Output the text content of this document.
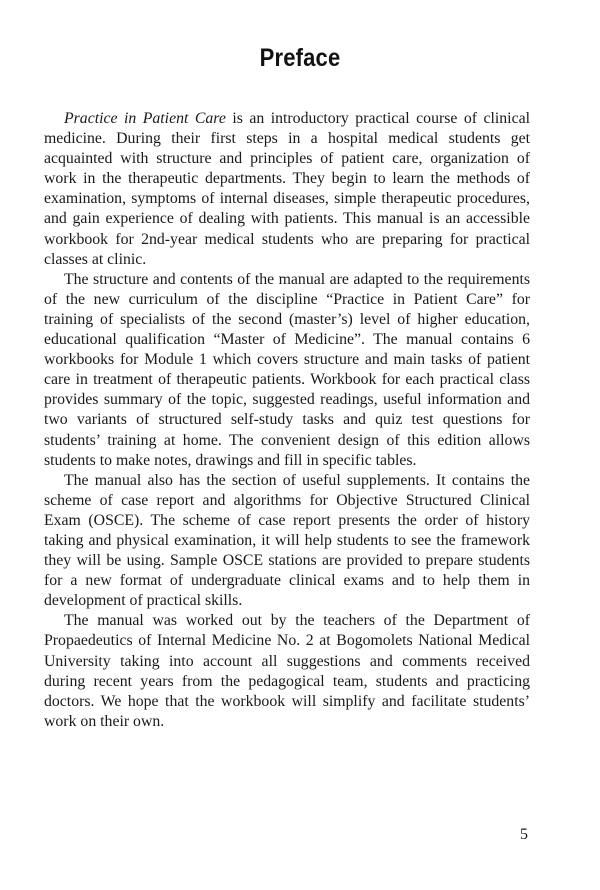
Preface

Practice in Patient Care is an introductory practical course of clinical medicine. During their first steps in a hospital medical students get acquainted with structure and principles of patient care, organization of work in the therapeutic departments. They begin to learn the methods of examination, symptoms of internal diseases, simple therapeutic procedures, and gain experience of dealing with patients. This manual is an accessible workbook for 2nd-year medical students who are preparing for practical classes at clinic.

The structure and contents of the manual are adapted to the requirements of the new curriculum of the discipline “Practice in Patient Care” for training of specialists of the second (master’s) level of higher education, educational qualification “Master of Medicine”. The manual contains 6 workbooks for Module 1 which covers structure and main tasks of patient care in treatment of therapeutic patients. Workbook for each practical class provides summary of the topic, suggested readings, useful information and two variants of structured self-study tasks and quiz test questions for students’ training at home. The convenient design of this edition allows students to make notes, drawings and fill in specific tables.

The manual also has the section of useful supplements. It contains the scheme of case report and algorithms for Objective Structured Clinical Exam (OSCE). The scheme of case report presents the order of history taking and physical examination, it will help students to see the framework they will be using. Sample OSCE stations are provided to prepare students for a new format of undergraduate clinical exams and to help them in development of practical skills.

The manual was worked out by the teachers of the Department of Propaedeutics of Internal Medicine No. 2 at Bogomolets National Medical University taking into account all suggestions and comments received during recent years from the pedagogical team, students and practicing doctors. We hope that the workbook will simplify and facilitate students’ work on their own.

5
